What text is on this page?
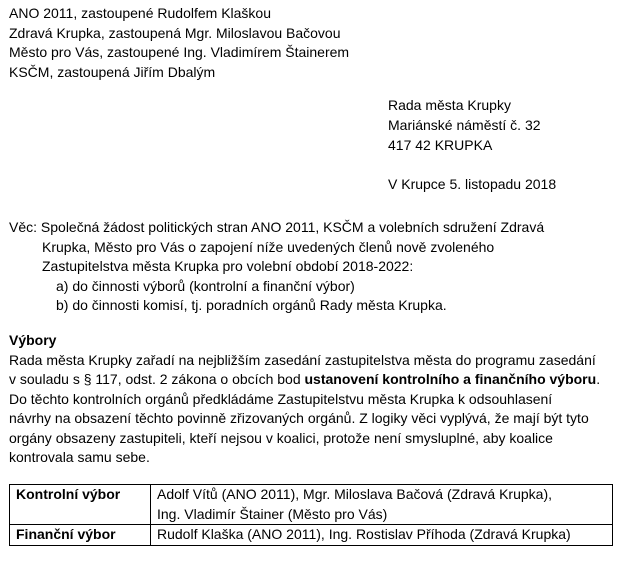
ANO 2011, zastoupené Rudolfem Klaškou
Zdravá Krupka, zastoupená Mgr. Miloslavou Bačovou
Město pro Vás, zastoupené Ing. Vladimírem Štainerem
KSČM, zastoupená Jiřím Dbalým
Rada města Krupky
Mariánské náměstí č. 32
417 42 KRUPKA
V Krupce 5. listopadu 2018
Věc: Společná žádost politických stran ANO 2011, KSČM a volebních sdružení Zdravá
Krupka, Město pro Vás o zapojení níže uvedených členů nově zvoleného
Zastupitelstva města Krupka pro volební období 2018-2022:
a) do činnosti výborů (kontrolní a finanční výbor)
b) do činnosti komisí, tj. poradních orgánů Rady města Krupka.
Výbory
Rada města Krupky zařadí na nejbližším zasedání zastupitelstva města do programu zasedání
v souladu s § 117, odst. 2 zákona o obcích bod ustanovení kontrolního a finančního výboru.
Do těchto kontrolních orgánů předkládáme Zastupitelstvu města Krupka k odsouhlasení
návrhy na obsazení těchto povinně zřizovaných orgánů. Z logiky věci vyplývá, že mají být tyto
orgány obsazeny zastupiteli, kteří nejsou v koalici, protože není smysluplné, aby koalice
kontrovala samu sebe.
Kontrolní výbor	Adolf Vítů (ANO 2011), Mgr. Miloslava Bačová (Zdravá Krupka),
Ing. Vladimír Štainer (Město pro Vás)

Finanční výbor	Rudolf Klaška (ANO 2011), Ing. Rostislav Příhoda (Zdravá Krupka)
